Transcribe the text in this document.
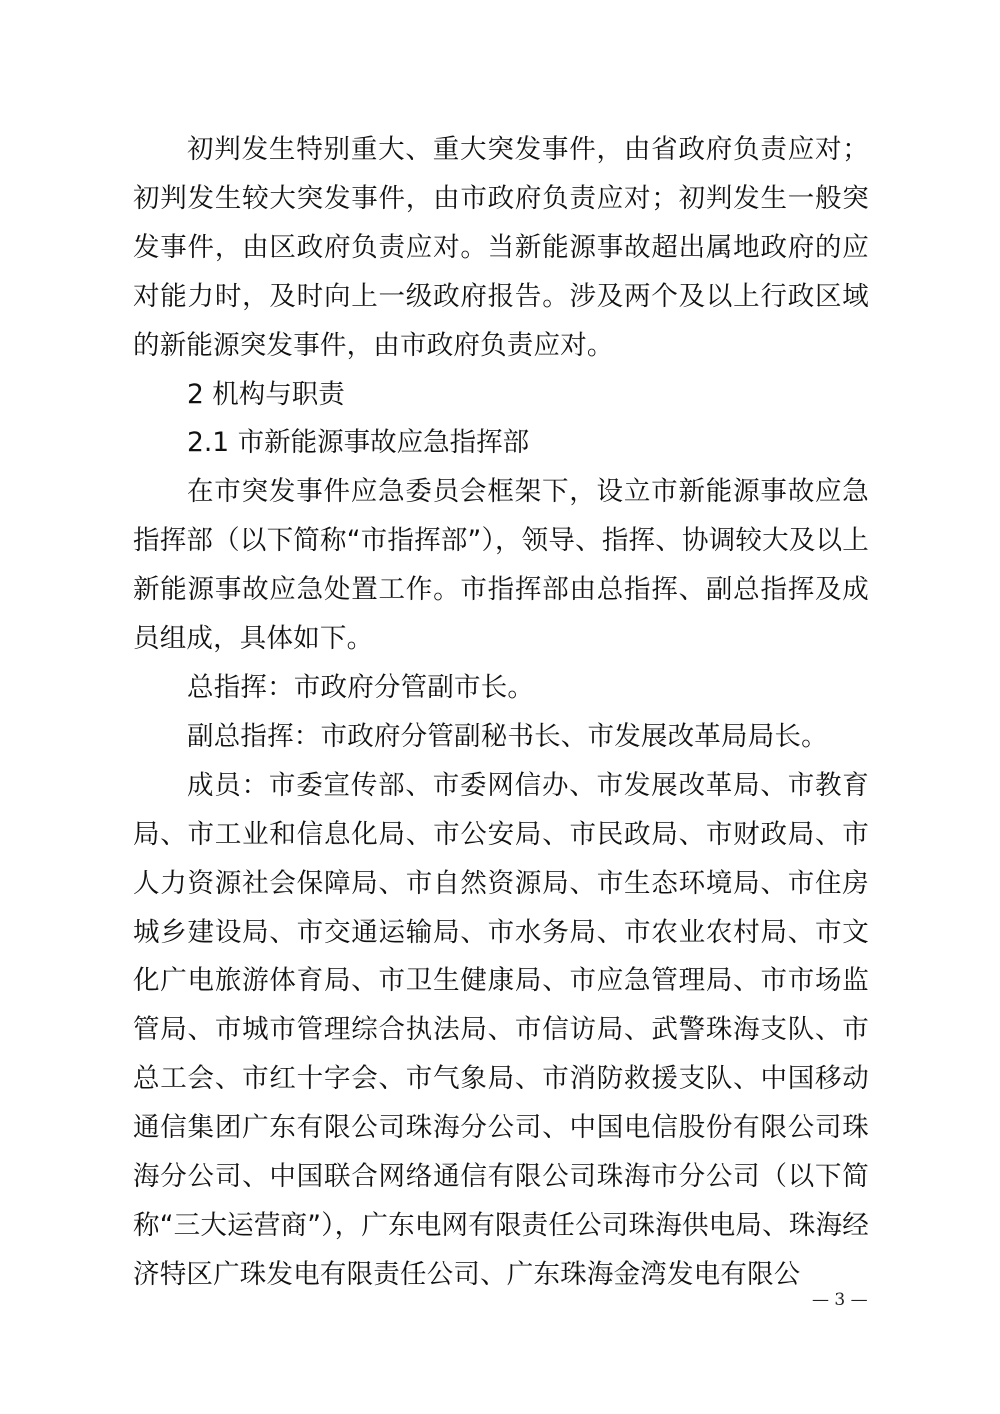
初判发生特别重大、重大突发事件，由省政府负责应对；初判发生较大突发事件，由市政府负责应对；初判发生一般突发事件，由区政府负责应对。当新能源事故超出属地政府的应对能力时，及时向上一级政府报告。涉及两个及以上行政区域的新能源突发事件，由市政府负责应对。

2 机构与职责

2.1 市新能源事故应急指挥部

在市突发事件应急委员会框架下，设立市新能源事故应急指挥部（以下简称“市指挥部”），领导、指挥、协调较大及以上新能源事故应急处置工作。市指挥部由总指挥、副总指挥及成员组成，具体如下。

总指挥：市政府分管副市长。

副总指挥：市政府分管副秘书长、市发展改革局局长。

成员：市委宣传部、市委网信办、市发展改革局、市教育局、市工业和信息化局、市公安局、市民政局、市财政局、市人力资源社会保障局、市自然资源局、市生态环境局、市住房城乡建设局、市交通运输局、市水务局、市农业农村局、市文化广电旅游体育局、市卫生健康局、市应急管理局、市市场监管局、市城市管理综合执法局、市信访局、武警珠海支队、市总工会、市红十字会、市气象局、市消防救援支队、中国移动通信集团广东有限公司珠海分公司、中国电信股份有限公司珠海分公司、中国联合网络通信有限公司珠海市分公司（以下简称“三大运营商”），广东电网有限责任公司珠海供电局、珠海经济特区广珠发电有限责任公司、广东珠海金湾发电有限公

— 3 —
